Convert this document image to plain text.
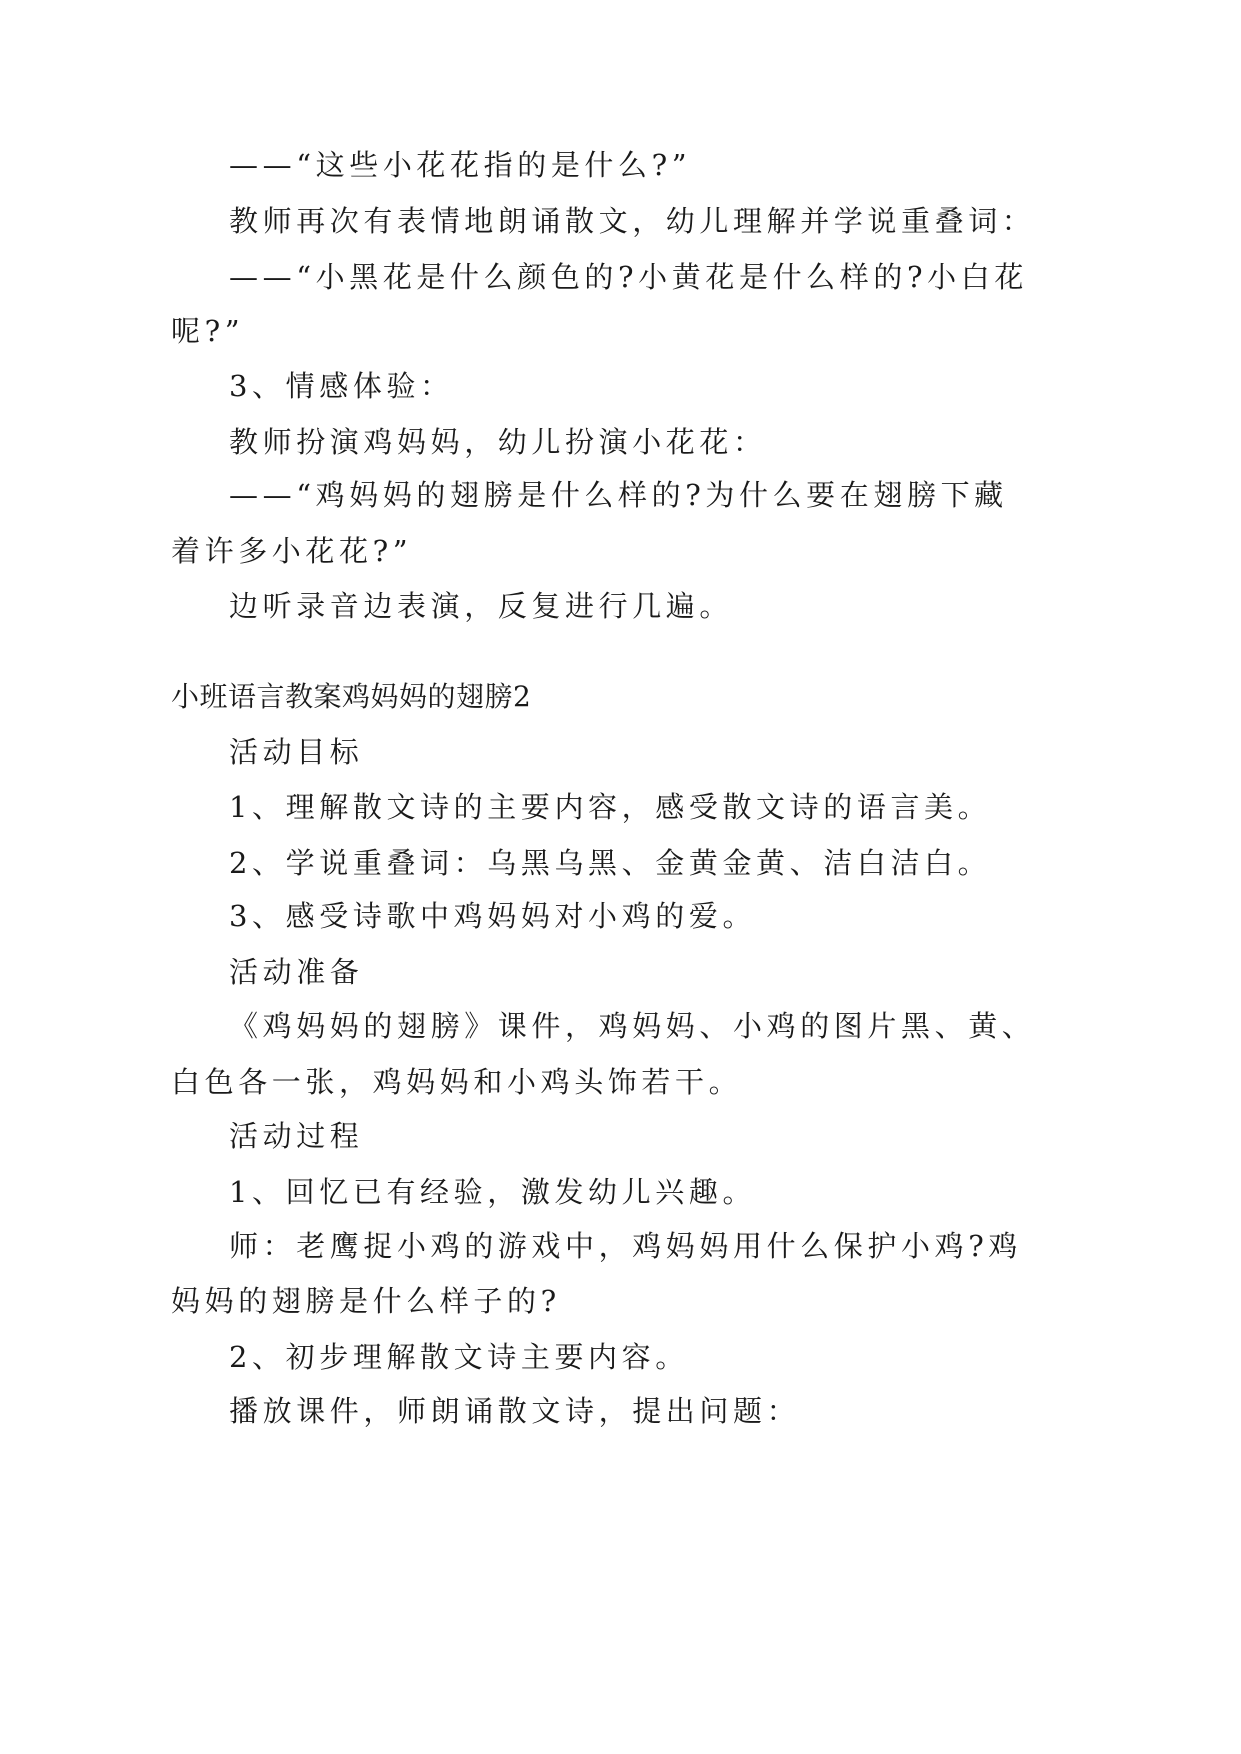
——“这些小花花指的是什么?”

教师再次有表情地朗诵散文，幼儿理解并学说重叠词：

——“小黑花是什么颜色的?小黄花是什么样的?小白花

呢?”

3、情感体验：

教师扮演鸡妈妈，幼儿扮演小花花：

——“鸡妈妈的翅膀是什么样的?为什么要在翅膀下藏

着许多小花花?”

边听录音边表演，反复进行几遍。

小班语言教案鸡妈妈的翅膀2

活动目标

1、理解散文诗的主要内容，感受散文诗的语言美。

2、学说重叠词：乌黑乌黑、金黄金黄、洁白洁白。

3、感受诗歌中鸡妈妈对小鸡的爱。

活动准备

《鸡妈妈的翅膀》课件，鸡妈妈、小鸡的图片黑、黄、

白色各一张，鸡妈妈和小鸡头饰若干。

活动过程

1、回忆已有经验，激发幼儿兴趣。

师：老鹰捉小鸡的游戏中，鸡妈妈用什么保护小鸡?鸡

妈妈的翅膀是什么样子的?

2、初步理解散文诗主要内容。

播放课件，师朗诵散文诗，提出问题：
